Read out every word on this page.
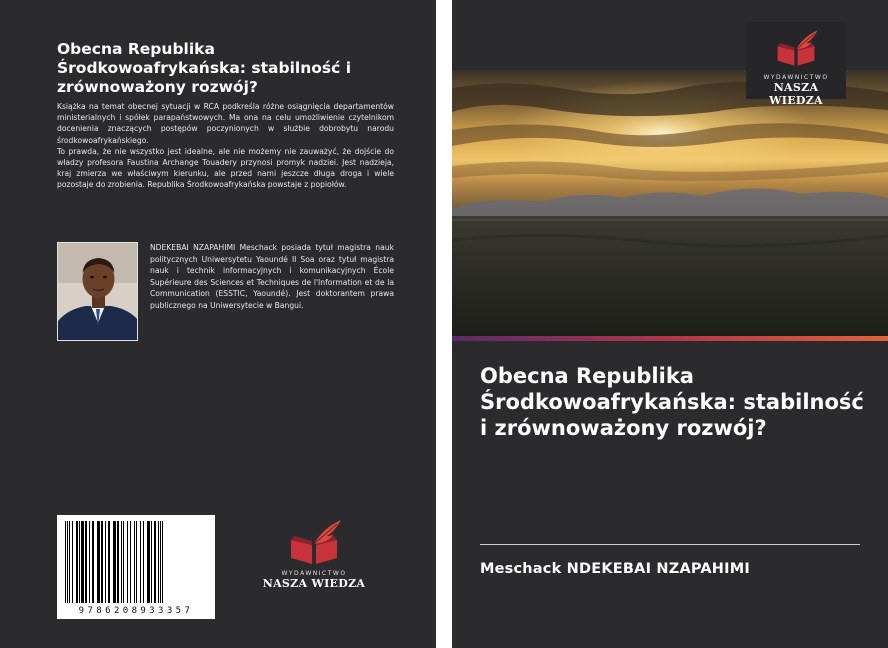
Obecna Republika Środkowoafrykańska: stabilność i zrównoważony rozwój?

Książka na temat obecnej sytuacji w RCA podkreśla różne osiągnięcia departamentów ministerialnych i spółek parapaństwowych. Ma ona na celu umożliwienie czytelnikom docenienia znaczących postępów poczynionych w służbie dobrobytu narodu środkowoafrykańskiego.

To prawda, że nie wszystko jest idealne, ale nie możemy nie zauważyć, że dojście do władzy profesora Faustina Archange Touadery przynosi promyk nadziei. Jest nadzieja, kraj zmierza we właściwym kierunku, ale przed nami jeszcze długa droga i wiele pozostaje do zrobienia. Republika Środkowoafrykańska powstaje z popiołów.

NDEKEBAI NZAPAHIMI Meschack posiada tytuł magistra nauk politycznych Uniwersytetu Yaoundé II Soa oraz tytuł magistra nauk i technik informacyjnych i komunikacyjnych École Supérieure des Sciences et Techniques de l'Information et de la Communication (ESSTIC, Yaoundé). Jest doktorantem prawa publicznego na Uniwersytecie w Bangui.
9786208933357
WYDAWNICTWO
NASZA WIEDZA
WYDAWNICTWO
NASZA WIEDZA
Obecna Republika Środkowoafrykańska: stabilność i zrównoważony rozwój?
Meschack NDEKEBAI NZAPAHIMI
